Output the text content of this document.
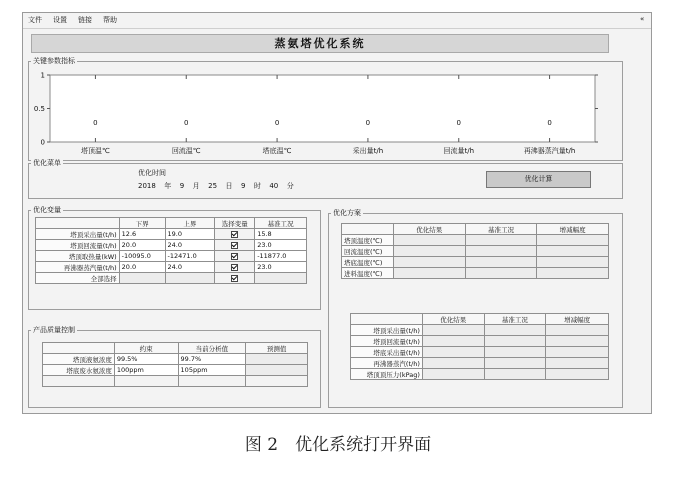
文件 设置 链接 帮助	«
蒸氨塔优化系统
关键参数指标
0
0.5
1
0
塔顶温℃
0
回流温℃
0
塔底温℃
0
采出量t/h
0
回流量t/h
0
再沸器蒸汽量t/h
优化菜单
优化时间
2018 年 9 月 25 日 9 时 40 分
优化计算
优化变量
	下界	上界	选择变量	基准工况
塔顶采出量(t/h)	12.6	19.0		15.8
塔顶回流量(t/h)	20.0	24.0		23.0
塔顶取热量(kW)	-10095.0	-12471.0		-11877.0
再沸器蒸汽量(t/h)	20.0	24.0		23.0
全部选择				
产品质量控制
	约束	当前分析值	预测值
塔顶液氨浓度	99.5%	99.7%	
塔底废水氨浓度	100ppm	105ppm	

优化方案
	优化结果	基准工况	增减幅度
塔顶温度(℃)			
回流温度(℃)			
塔底温度(℃)			
进料温度(℃)			
	优化结果	基准工况	增减幅度
塔顶采出量(t/h)			
塔顶回流量(t/h)			
塔底采出量(t/h)			
再沸器蒸汽(t/h)			
塔顶顶压力(kPag)			
图 2　优化系统打开界面
